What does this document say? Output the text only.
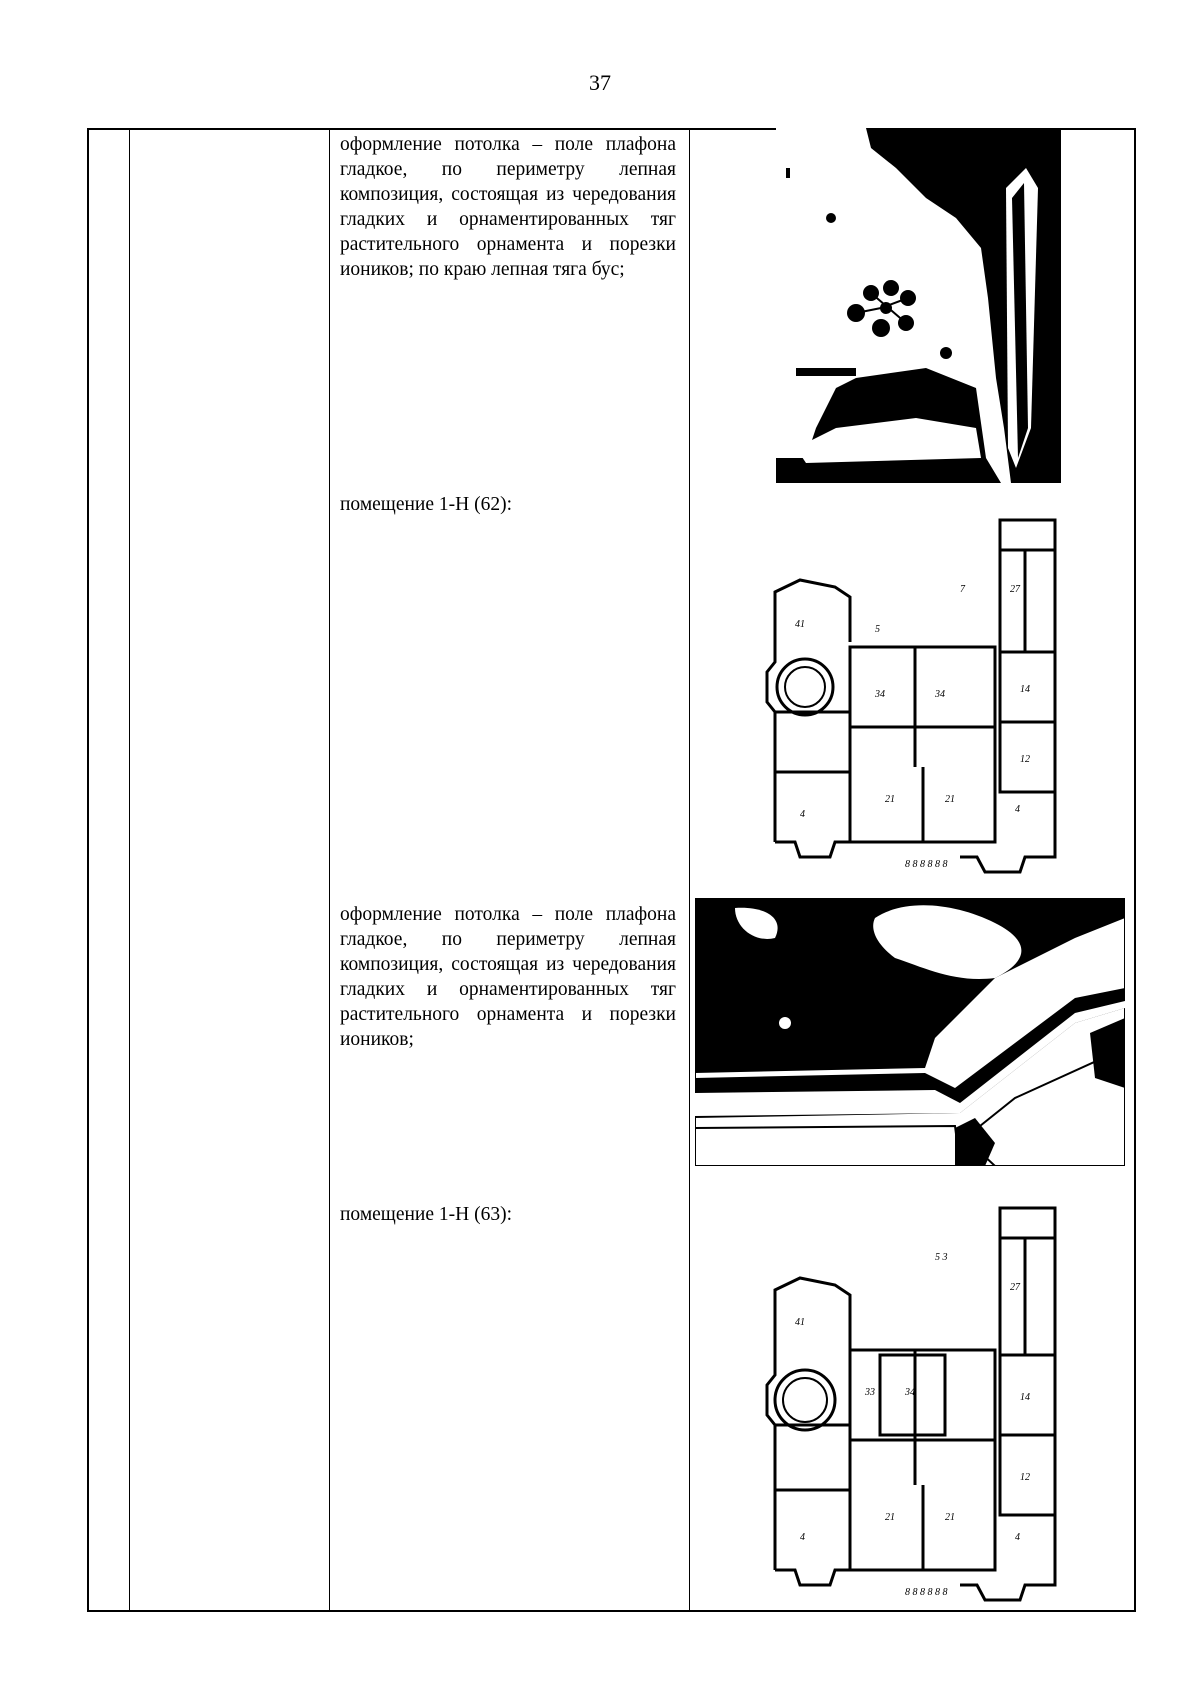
37
оформление потолка – поле плафона гладкое, по периметру лепная композиция, состоящая из чередования гладких и орнаментированных тяг растительного орнамента и порезки иоников; по краю лепная тяга бус;
помещение 1-Н (62):
41	5
34
34
21	21
14
12
4
4
27
7
8 8 8 8 8 8
оформление потолка – поле плафона гладкое, по периметру лепная композиция, состоящая из чередования гладких и орнаментированных тяг растительного орнамента и порезки иоников;
помещение 1-Н (63):
41
34
33
21	21
14
12
4
4
27
5 3
8 8 8 8 8 8
